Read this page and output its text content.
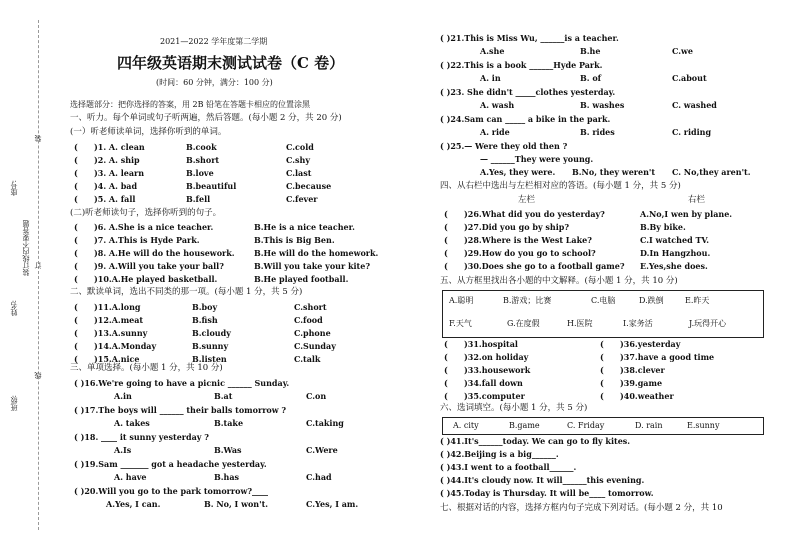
班级:
姓名:
座号:
装订线内不要答题
装
订
线
2021—2022 学年度第二学期
四年级英语期末测试试卷（C 卷）
(时间：60 分钟，满分：100 分)
选择题部分：把你选择的答案，用 2B 铅笔在答题卡相应的位置涂黑
一、听力。每个单词或句子听两遍，然后答题。(每小题 2 分，共 20 分)
(一）听老师读单词，选择你听到的单词。
( )1. A. clean	B.cook	C.cold
( )2. A. ship	B.short	C.shy
( )3. A. learn	B.love	C.last
( )4. A. bad	B.beautiful	C.because
( )5. A. fall	B.fell	C.fever
(二)听老师读句子，选择你听到的句子。
( )6. A.She is a nice teacher.	B.He is a nice teacher.
( )7. A.This is Hyde Park.	B.This is Big Ben.
( )8. A.He will do the housework. B.He will do the homework.
( )9. A.Will you take your ball?	B.Will you take your kite?
( )10.A.He played basketball.	B.He played football.
二、默读单词，选出不同类的那一项。(每小题 1 分，共 5 分)
( )11.A.long	B.boy	C.short
( )12.A.meat	B.fish	C.food
( )13.A.sunny	B.cloudy	C.phone
( )14.A.Monday	B.sunny	C.Sunday
( )15.A.nice	B.listen	C.talk
三、单项选择。(每小题 1 分，共 10 分)
( )16.We're going to have a picnic ______ Sunday.
A.in	B.at	C.on
( )17.The boys will ______ their balls tomorrow ?
A. takes	B.take	C.taking
( )18. ____ it sunny yesterday ?
A.Is	B.Was	C.Were
( )19.Sam _______ got a headache yesterday.
A. have	B.has	C.had
( )20.Will you go to the park tomorrow?____
A.Yes, I can.	B. No, I won't.	C.Yes, I am.
( )21.This is Miss Wu, ______is a teacher.
A.she	B.he	C.we
( )22.This is a book ______Hyde Park.
A. in	B. of	C.about
( )23. She didn't _____clothes yesterday.
A. wash	B. washes	C. washed
( )24.Sam can _____ a bike in the park.
A. ride	B. rides	C. riding
( )25.— Were they old then ?
— ______They were young.
A.Yes, they were. B.No, they weren't C. No,they aren't.
四、从右栏中选出与左栏相对应的答语。(每小题 1 分，共 5 分)
左栏	右栏
( )26.What did you do yesterday?	A.No,I wen by plane.
( )27.Did you go by ship?	B.By bike.
( )28.Where is the West Lake?	C.I watched TV.
( )29.How do you go to school?	D.In Hangzhou.
( )30.Does she go to a football game? E.Yes,she does.
五、从方框里找出各小题的中文解释。(每小题 1 分，共 10 分)
A.聪明	B.游戏；比赛	C.电脑	D.跌倒	E.昨天
F.天气	G.在度假	H.医院	I.家务活	J.玩得开心
( )31.hospital	( )36.yesterday
( )32.on holiday	( )37.have a good time
( )33.housework	( )38.clever
( )34.fall down	( )39.game
( )35.computer	( )40.weather
六、选词填空。(每小题 1 分，共 5 分)
A. city	B.game	C. Friday	D. rain	E.sunny
( )41.It's______today. We can go to fly kites.
( )42.Beijing is a big______.
( )43.I went to a football______.
( )44.It's cloudy now. It will______this evening.
( )45.Today is Thursday. It will be____ tomorrow.
七、根据对话的内容，选择方框内句子完成下列对话。(每小题 2 分，共 10
